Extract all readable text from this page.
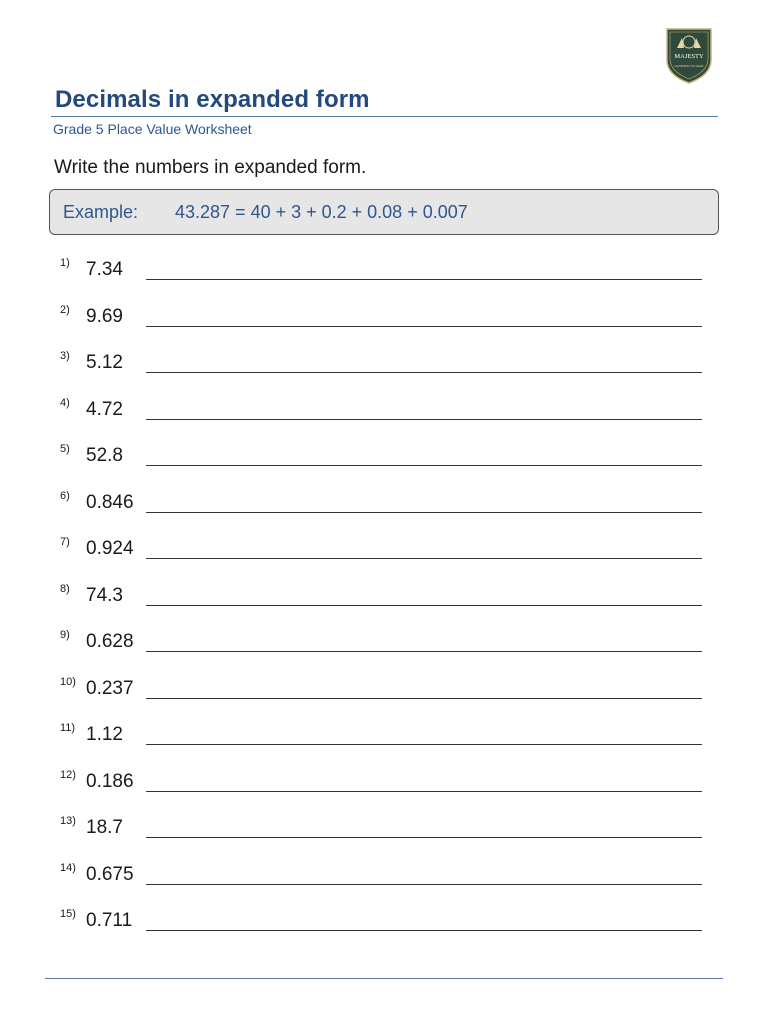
MAJESTY
LEARNING TO LEAD
Decimals in expanded form
Grade 5 Place Value Worksheet
Write the numbers in expanded form.
Example: 43.287 = 40 + 3 + 0.2 + 0.08 + 0.007
1) 7.34
2) 9.69
3) 5.12
4) 4.72
5) 52.8
6) 0.846
7) 0.924
8) 74.3
9) 0.628
10) 0.237
11) 1.12
12) 0.186
13) 18.7
14) 0.675
15) 0.711
